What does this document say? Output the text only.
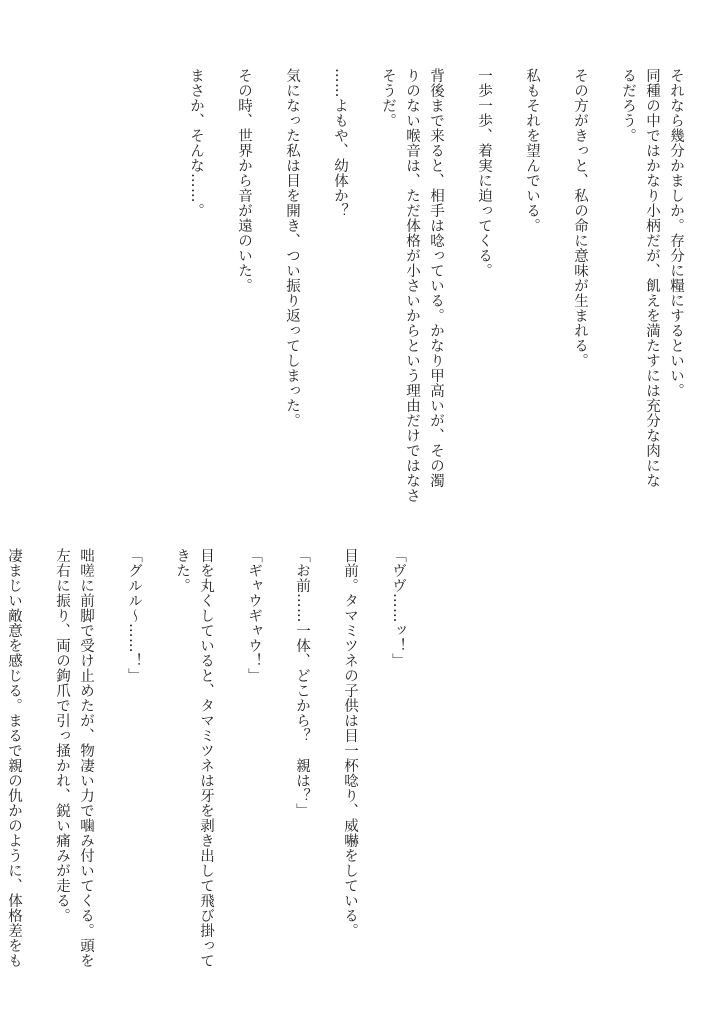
それなら幾分かましか。存分に糧にするといい。

同種の中ではかなり小柄だが、飢えを満たすには充分な肉にな

るだろう。

その方がきっと、私の命に意味が生まれる。

私もそれを望んでいる。

一歩一歩、着実に迫ってくる。

背後まで来ると、相手は唸っている。かなり甲高いが、その濁

りのない喉音は、ただ体格が小さいからという理由だけではなさ

そうだ。

……よもや、幼体か？

気になった私は目を開き、つい振り返ってしまった。

その時、世界から音が遠のいた。

まさか、そんな……。

「ヴヴ……ッ！」

目前。タマミツネの子供は目一杯唸り、威嚇をしている。

「お前……一体、どこから？　親は？」

「ギャウギャウ！」

目を丸くしていると、タマミツネは牙を剥き出して飛び掛って

きた。

「グルル～……！」

咄嗟に前脚で受け止めたが、物凄い力で噛み付いてくる。頭を

左右に振り、両の鉤爪で引っ掻かれ、鋭い痛みが走る。

凄まじい敵意を感じる。まるで親の仇かのように、体格差をも
